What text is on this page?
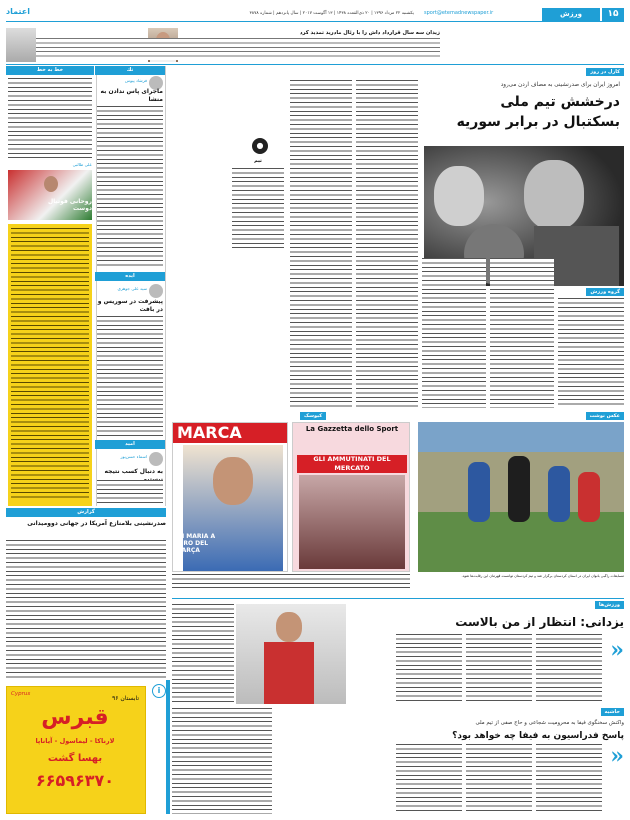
۱۵
ورزش
sport@etemadnewspaper.ir
یکشنبه ۲۲ مرداد ۱۳۹۶ | ۲۰ ذی‌القعده ۱۴۳۸ | ۱۳ آگوست ۲۰۱۷ | سال پانزدهم | شماره ۳۸۷۸
اعتماد
زیدان سه سال قرارداد داش را با رئال مادرید تمدید کرد
کارل در روز
امروز ایران برای صدرنشینی به مصاف اردن می‌رود
درخشش تیم ملی بسکتبال در برابر سوریه
گروه ورزش
●
تیم
تك
فرشاد پیوس
ماجرای پاس ندادن به منشا
ایده
سید علی جوهري
پیشرفت در سوریس و در بافت
امید
اسماء حسن‌پور
به دنبال کسب نتیجه
خط به خط
علی طالبی
روحانی فوتبال دوست
گزارش
صدرنشینی بلامنازع آمریکا در جهانی دوومیدانی
کیوسک	عکس نوشت
MARCA
DI MARIA A TIRO DEL BARÇA
La Gazzetta dello Sport
GLI AMMUTINATI DEL MERCATO
مسابقات راگبی بانوان ایران در استان کردستان برگزار شد و تیم کردستان توانست قهرمان این رقابت‌ها شود.
ورزش‌ها
یزدانی: انتظار از من بالاست
«
حاشیه
واکنش سخنگوی فیفا به محرومیت شجاعی و حاج صفی از تیم ملی
پاسخ فدراسیون به فیفا چه خواهد بود؟
«
i
Cyprus
تابستان ۹۶
قبرس
لارناکا - لیماسول - آیاناپا
بهسا گشت
۶۶۵۹۶۳۷۰
